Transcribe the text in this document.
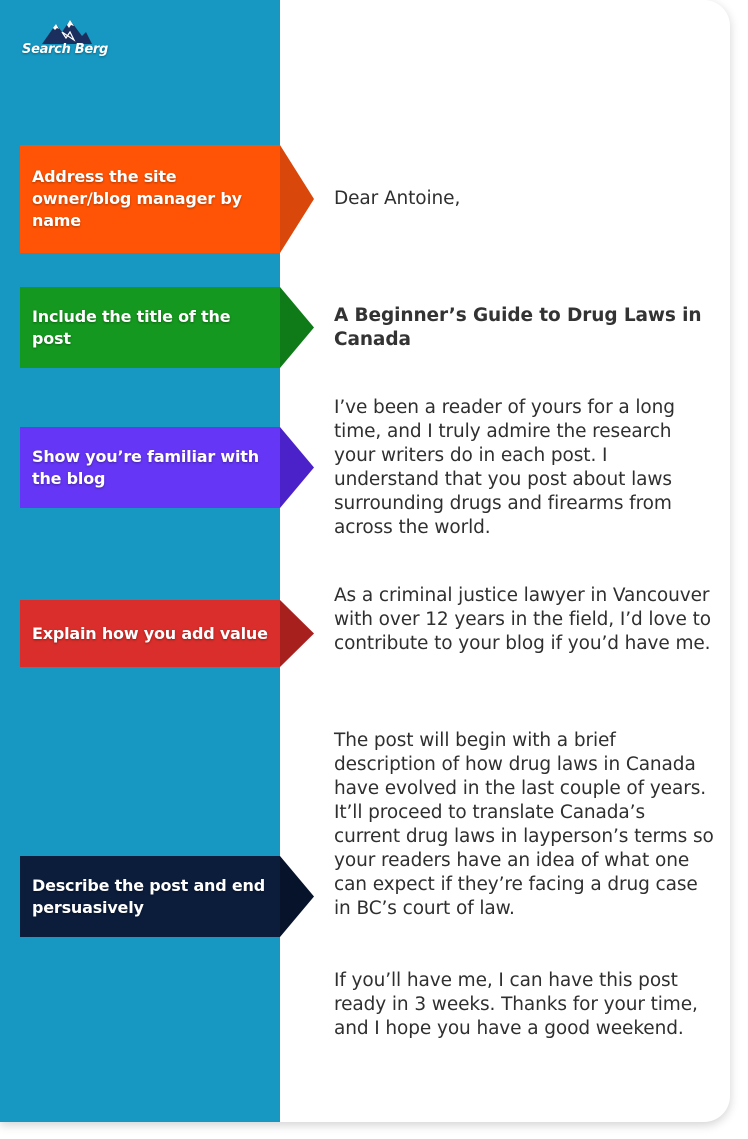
Search Berg
Address the site owner/blog manager by name
Dear Antoine,
Include the title of the post
A Beginner’s Guide to Drug Laws in Canada
Show you’re familiar with the blog
I’ve been a reader of yours for a long time, and I truly admire the research your writers do in each post. I understand that you post about laws surrounding drugs and firearms from across the world.
Explain how you add value
As a criminal justice lawyer in Vancouver with over 12 years in the field, I’d love to contribute to your blog if you’d have me.
Describe the post and end persuasively
The post will begin with a brief description of how drug laws in Canada have evolved in the last couple of years. It’ll proceed to translate Canada’s current drug laws in layperson’s terms so your readers have an idea of what one can expect if they’re facing a drug case in BC’s court of law.
If you’ll have me, I can have this post ready in 3 weeks. Thanks for your time, and I hope you have a good weekend.
